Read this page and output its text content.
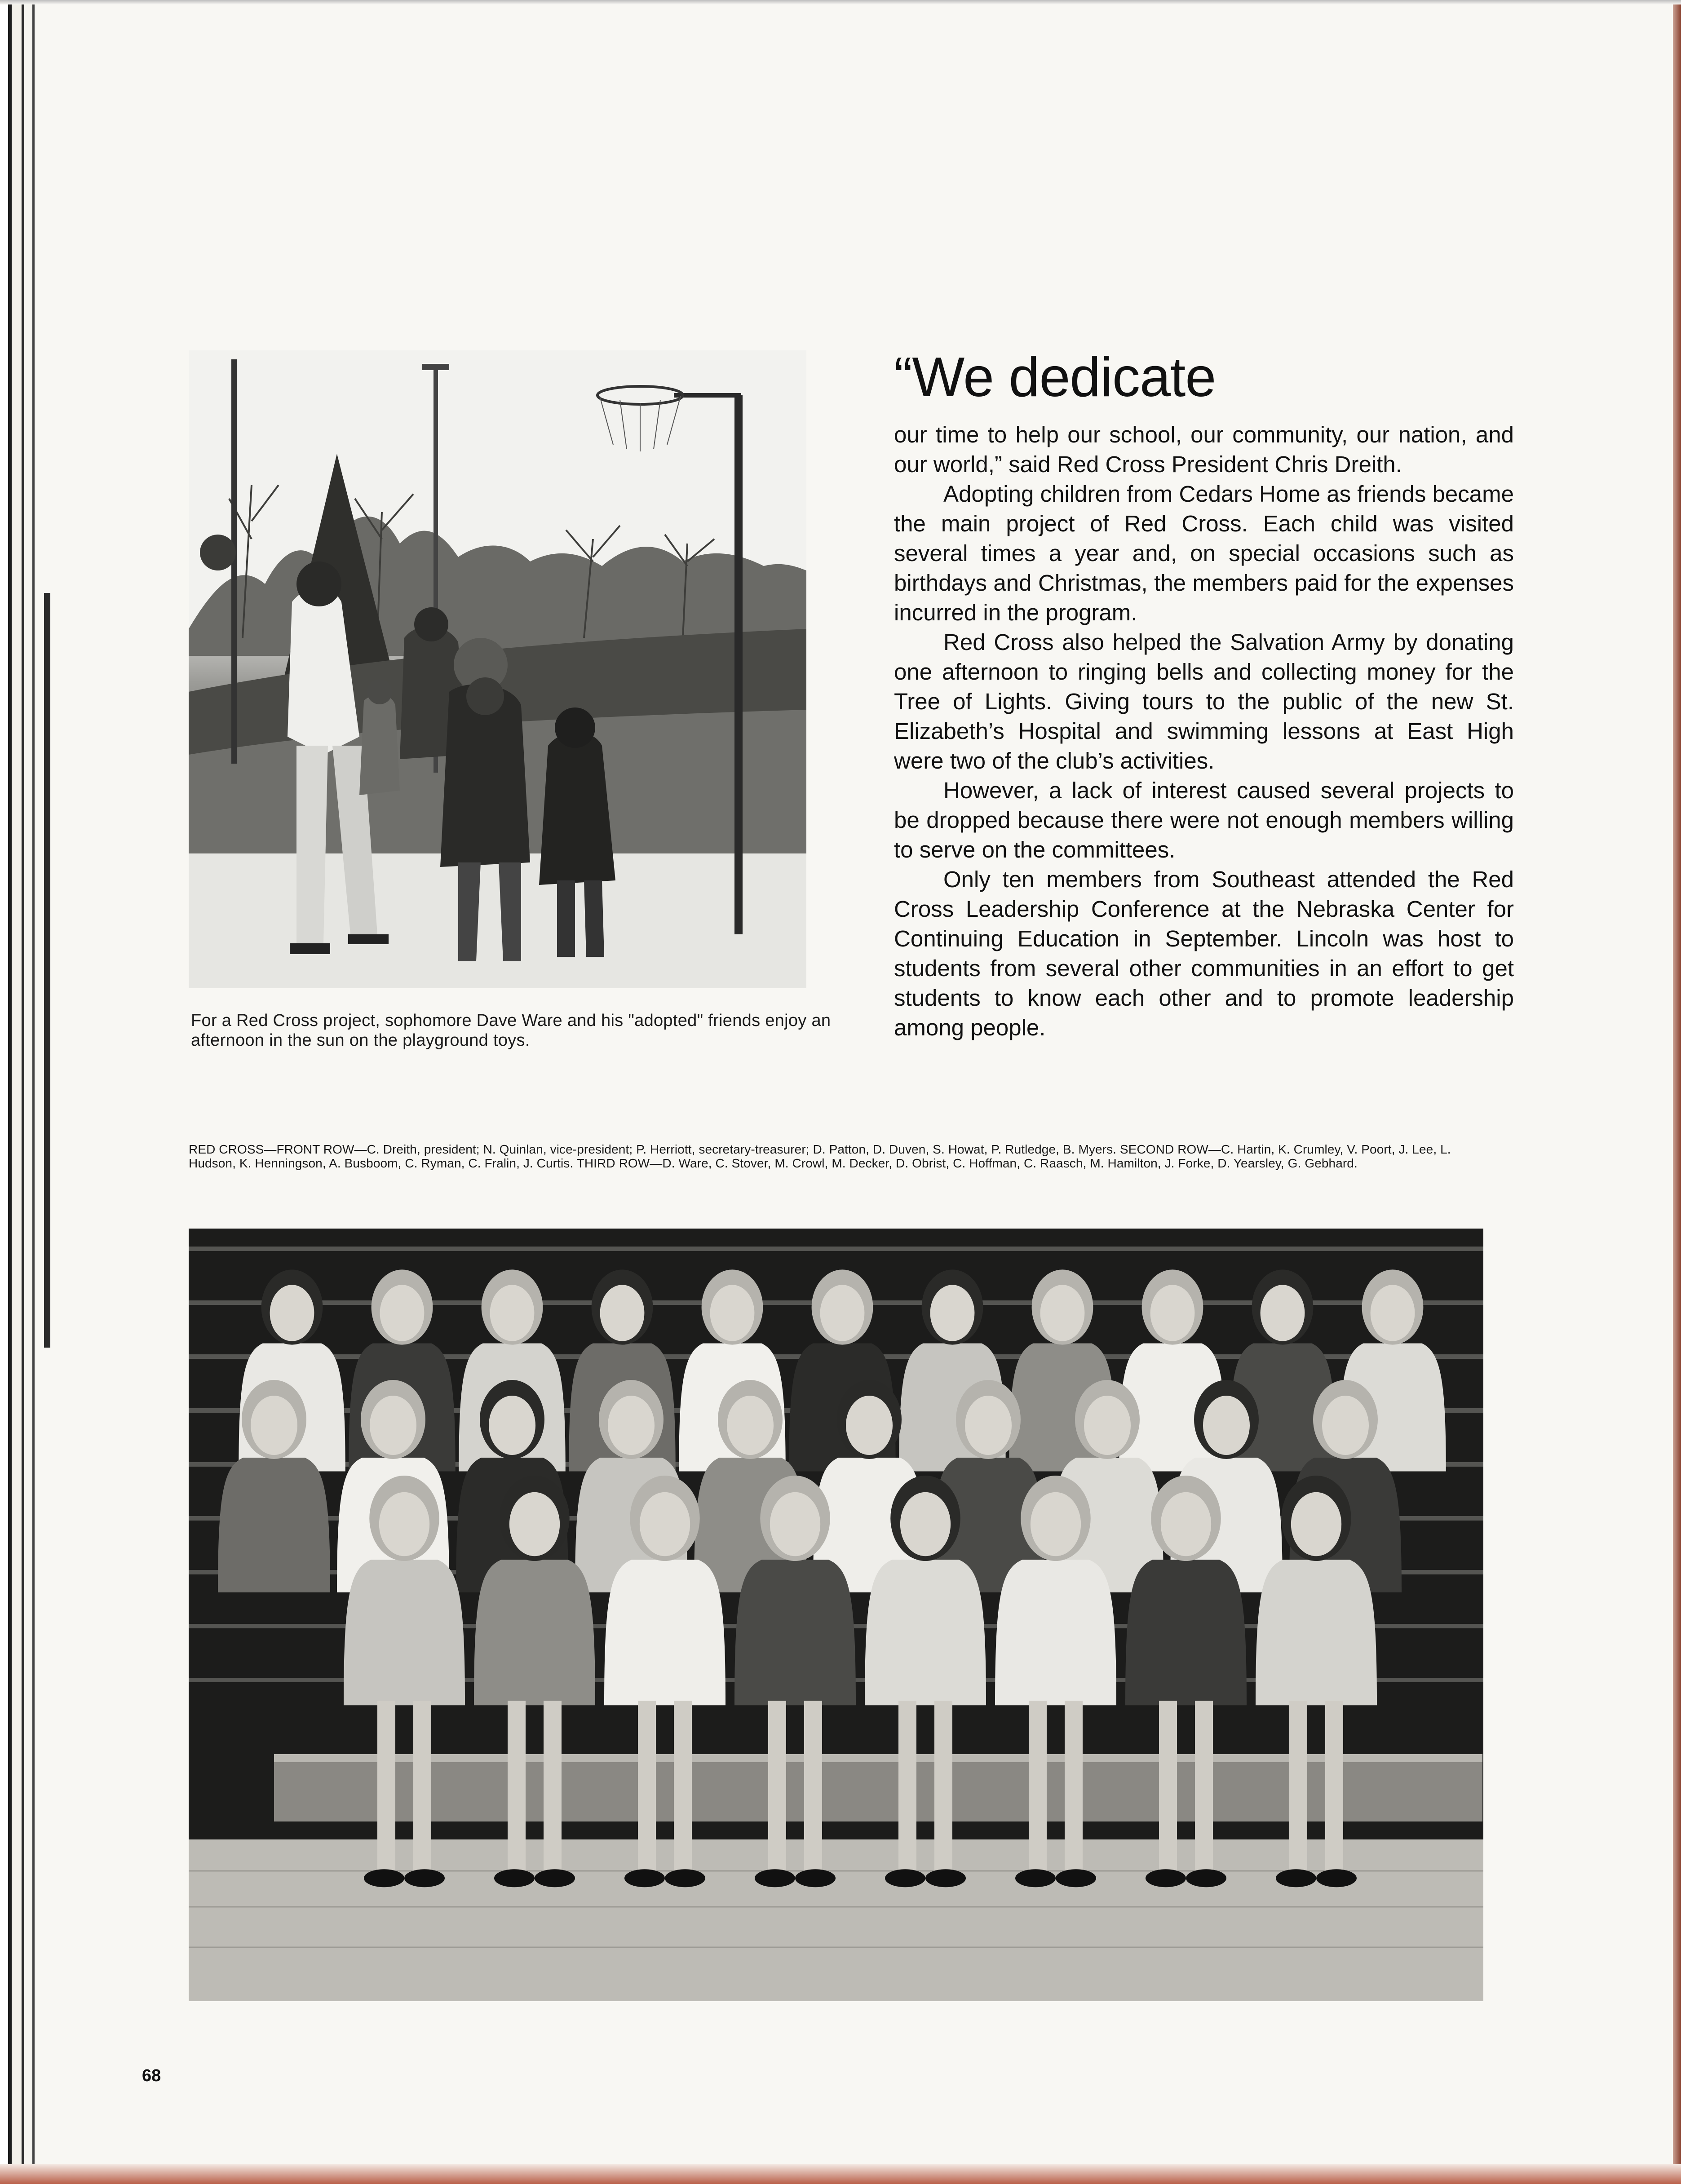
For a Red Cross project, sophomore Dave Ware and his "adopted" friends enjoy an afternoon in the sun on the playground toys.
“We dedicate

our time to help our school, our community, our nation, and our world,” said Red Cross President Chris Dreith.

Adopting children from Cedars Home as friends became the main project of Red Cross. Each child was visited several times a year and, on special occasions such as birthdays and Christmas, the members paid for the expenses incurred in the program.

Red Cross also helped the Salvation Army by donating one afternoon to ringing bells and collecting money for the Tree of Lights. Giving tours to the public of the new St. Elizabeth’s Hospital and swimming lessons at East High were two of the club’s activities.

However, a lack of interest caused several projects to be dropped because there were not enough members willing to serve on the committees.

Only ten members from Southeast attended the Red Cross Leadership Conference at the Nebraska Center for Continuing Education in September. Lincoln was host to students from several other communities in an effort to get students to know each other and to promote leadership among people.

RED CROSS—FRONT ROW—C. Dreith, president; N. Quinlan, vice-president; P. Herriott, secretary-treasurer; D. Patton, D. Duven, S. Howat, P. Rutledge, B. Myers. SECOND ROW—C. Hartin, K. Crumley, V. Poort, J. Lee, L. Hudson, K. Henningson, A. Busboom, C. Ryman, C. Fralin, J. Curtis. THIRD ROW—D. Ware, C. Stover, M. Crowl, M. Decker, D. Obrist, C. Hoffman, C. Raasch, M. Hamilton, J. Forke, D. Yearsley, G. Gebhard.
68
